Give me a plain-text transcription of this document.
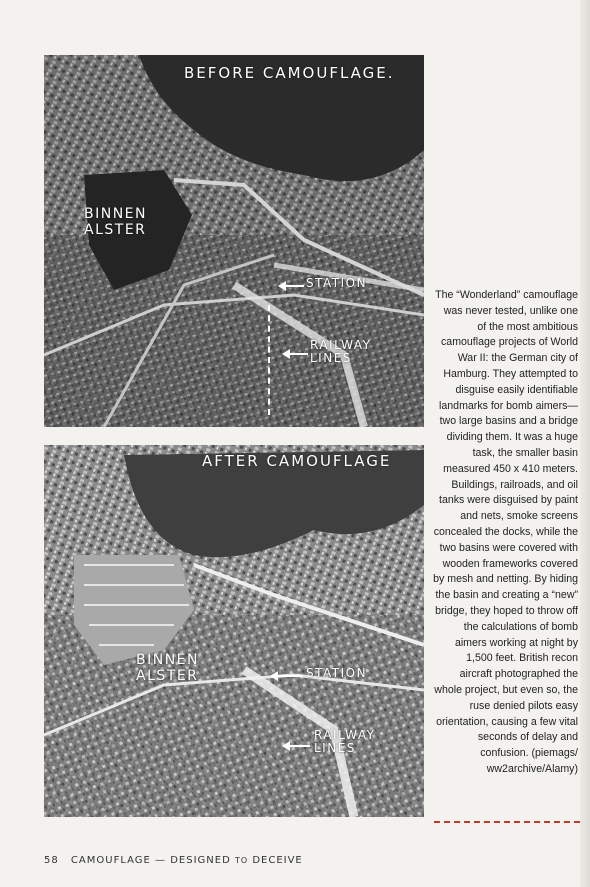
BEFORE CAMOUFLAGE.
BINNEN
ALSTER
STATION
RAILWAY
LINES
AFTER CAMOUFLAGE
BINNEN
ALSTER	STATION
RAILWAY
LINES
The “Wonderland” camouflage was never tested, unlike one of the most ambitious camouflage projects of World War II: the German city of Hamburg. They attempted to disguise easily identifiable landmarks for bomb aimers—two large basins and a bridge dividing them. It was a huge task, the smaller basin measured 450 x 410 meters. Buildings, railroads, and oil tanks were disguised by paint and nets, smoke screens concealed the docks, while the two basins were covered with wooden frameworks covered by mesh and netting. By hiding the basin and creating a “new” bridge, they hoped to throw off the calculations of bomb aimers working at night by 1,500 feet. British recon aircraft photographed the whole project, but even so, the ruse denied pilots easy orientation, causing a few vital seconds of delay and confusion. (piemags/ ww2archive/Alamy)
58 CAMOUFLAGE — DESIGNED TO DECEIVE
